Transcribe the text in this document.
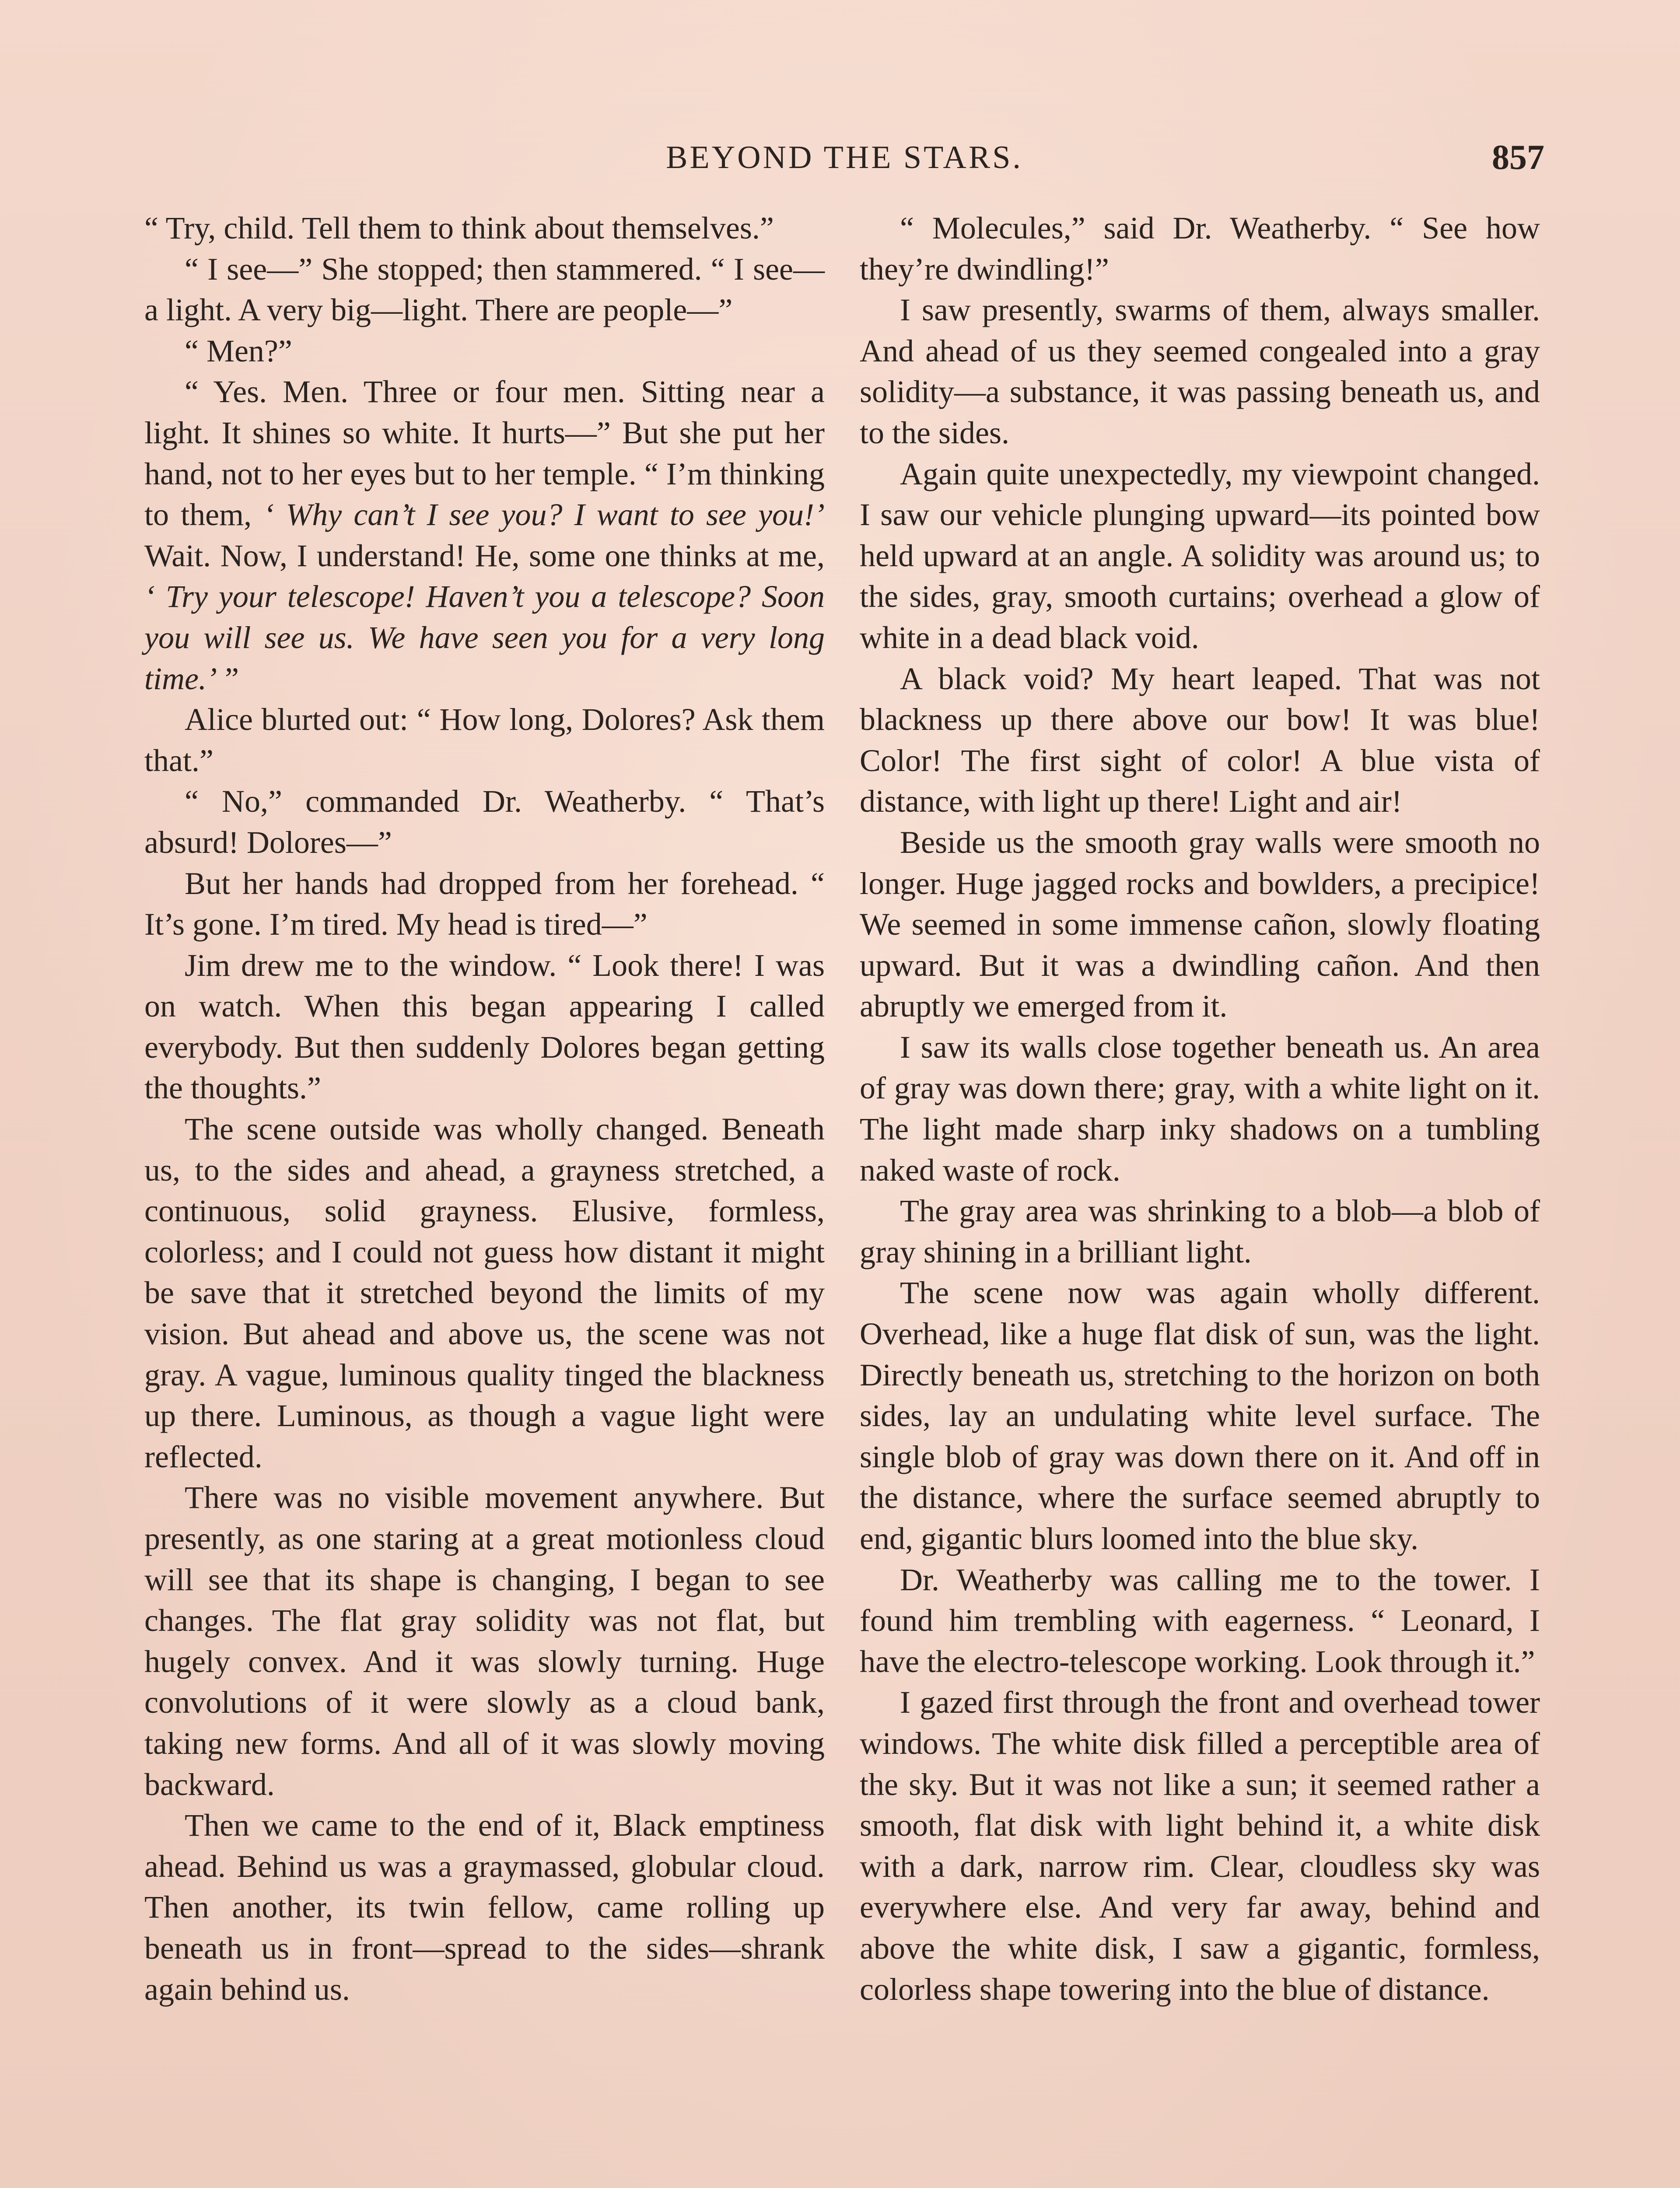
BEYOND THE STARS.	857

“ Try, child. Tell them to think about themselves.”

“ I see—” She stopped; then stammered. “ I see—a light. A very big—light. There are people—”

“ Men?”

“ Yes. Men. Three or four men. Sitting near a light. It shines so white. It hurts—” But she put her hand, not to her eyes but to her temple. “ I’m thinking to them, ‘ Why can’t I see you? I want to see you!’ Wait. Now, I understand! He, some one thinks at me, ‘ Try your telescope! Haven’t you a telescope? Soon you will see us. We have seen you for a very long time.’ ”

Alice blurted out: “ How long, Dolores? Ask them that.”

“ No,” commanded Dr. Weatherby. “ That’s absurd! Dolores—”

But her hands had dropped from her forehead. “ It’s gone. I’m tired. My head is tired—”

Jim drew me to the window. “ Look there! I was on watch. When this began appearing I called everybody. But then suddenly Dolores began getting the thoughts.”

The scene outside was wholly changed. Beneath us, to the sides and ahead, a grayness stretched, a continuous, solid grayness. Elusive, formless, colorless; and I could not guess how distant it might be save that it stretched beyond the limits of my vision. But ahead and above us, the scene was not gray. A vague, luminous quality tinged the blackness up there. Luminous, as though a vague light were reflected.

There was no visible movement anywhere. But presently, as one staring at a great motionless cloud will see that its shape is changing, I began to see changes. The flat gray solidity was not flat, but hugely convex. And it was slowly turning. Huge convolutions of it were slowly as a cloud bank, taking new forms. And all of it was slowly moving backward.

Then we came to the end of it, Black emptiness ahead. Behind us was a graymassed, globular cloud. Then another, its twin fellow, came rolling up beneath us in front—spread to the sides—shrank again behind us.

“ Molecules,” said Dr. Weatherby. “ See how they’re dwindling!”

I saw presently, swarms of them, always smaller. And ahead of us they seemed congealed into a gray solidity—a substance, it was passing beneath us, and to the sides.

Again quite unexpectedly, my viewpoint changed. I saw our vehicle plunging upward—its pointed bow held upward at an angle. A solidity was around us; to the sides, gray, smooth curtains; overhead a glow of white in a dead black void.

A black void? My heart leaped. That was not blackness up there above our bow! It was blue! Color! The first sight of color! A blue vista of distance, with light up there! Light and air!

Beside us the smooth gray walls were smooth no longer. Huge jagged rocks and bowlders, a precipice! We seemed in some immense cañon, slowly floating upward. But it was a dwindling cañon. And then abruptly we emerged from it.

I saw its walls close together beneath us. An area of gray was down there; gray, with a white light on it. The light made sharp inky shadows on a tumbling naked waste of rock.

The gray area was shrinking to a blob—a blob of gray shining in a brilliant light.

The scene now was again wholly different. Overhead, like a huge flat disk of sun, was the light. Directly beneath us, stretching to the horizon on both sides, lay an undulating white level surface. The single blob of gray was down there on it. And off in the distance, where the surface seemed abruptly to end, gigantic blurs loomed into the blue sky.

Dr. Weatherby was calling me to the tower. I found him trembling with eagerness. “ Leonard, I have the electro-telescope working. Look through it.”

I gazed first through the front and overhead tower windows. The white disk filled a perceptible area of the sky. But it was not like a sun; it seemed rather a smooth, flat disk with light behind it, a white disk with a dark, narrow rim. Clear, cloudless sky was everywhere else. And very far away, behind and above the white disk, I saw a gigantic, formless, colorless shape towering into the blue of distance.
